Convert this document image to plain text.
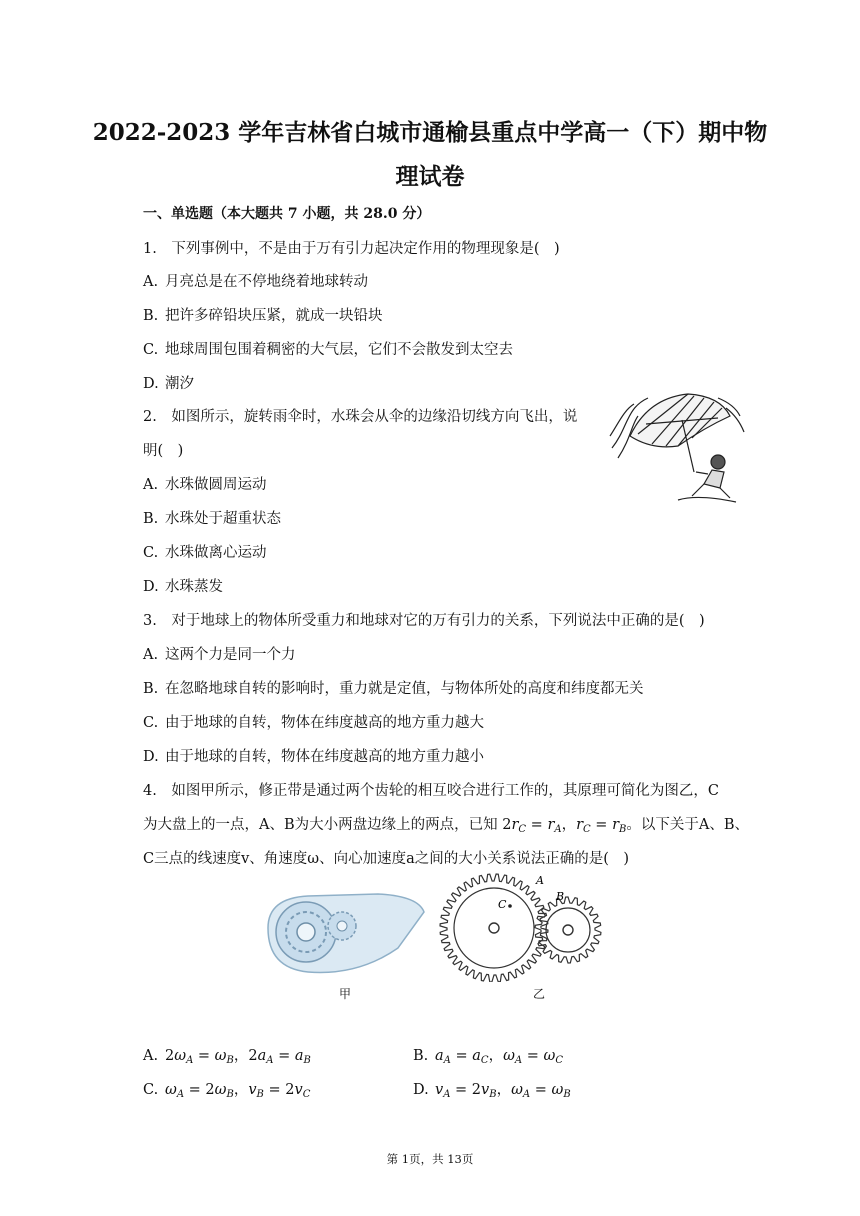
2022-2023 学年吉林省白城市通榆县重点中学高一（下）期中物
理试卷
一、单选题（本大题共 7 小题，共 28.0 分）
1.　下列事例中，不是由于万有引力起决定作用的物理现象是(　)
A. 月亮总是在不停地绕着地球转动
B. 把许多碎铅块压紧，就成一块铅块
C. 地球周围包围着稠密的大气层，它们不会散发到太空去
D. 潮汐
2.　如图所示，旋转雨伞时，水珠会从伞的边缘沿切线方向飞出，说
明(　)
A. 水珠做圆周运动
B. 水珠处于超重状态
C. 水珠做离心运动
D. 水珠蒸发
3.　对于地球上的物体所受重力和地球对它的万有引力的关系，下列说法中正确的是(　)
A. 这两个力是同一个力
B. 在忽略地球自转的影响时，重力就是定值，与物体所处的高度和纬度都无关
C. 由于地球的自转，物体在纬度越高的地方重力越大
D. 由于地球的自转，物体在纬度越高的地方重力越小
4.　如图甲所示，修正带是通过两个齿轮的相互咬合进行工作的，其原理可简化为图乙，C
为大盘上的一点，A、B为大小两盘边缘上的两点，已知 $2r_C = r_A$，$r_C = r_B$。以下关于A、B、
C三点的线速度v、角速度ω、向心加速度a之间的大小关系说法正确的是(　)
甲
A
B
C
乙
A. $2\omega_A = \omega_B$，$2a_A = a_B$	B. $a_A = a_C$，$\omega_A = \omega_C$
C. $\omega_A = 2\omega_B$，$v_B = 2v_C$	D. $v_A = 2v_B$，$\omega_A = \omega_B$
第 1页，共 13页
